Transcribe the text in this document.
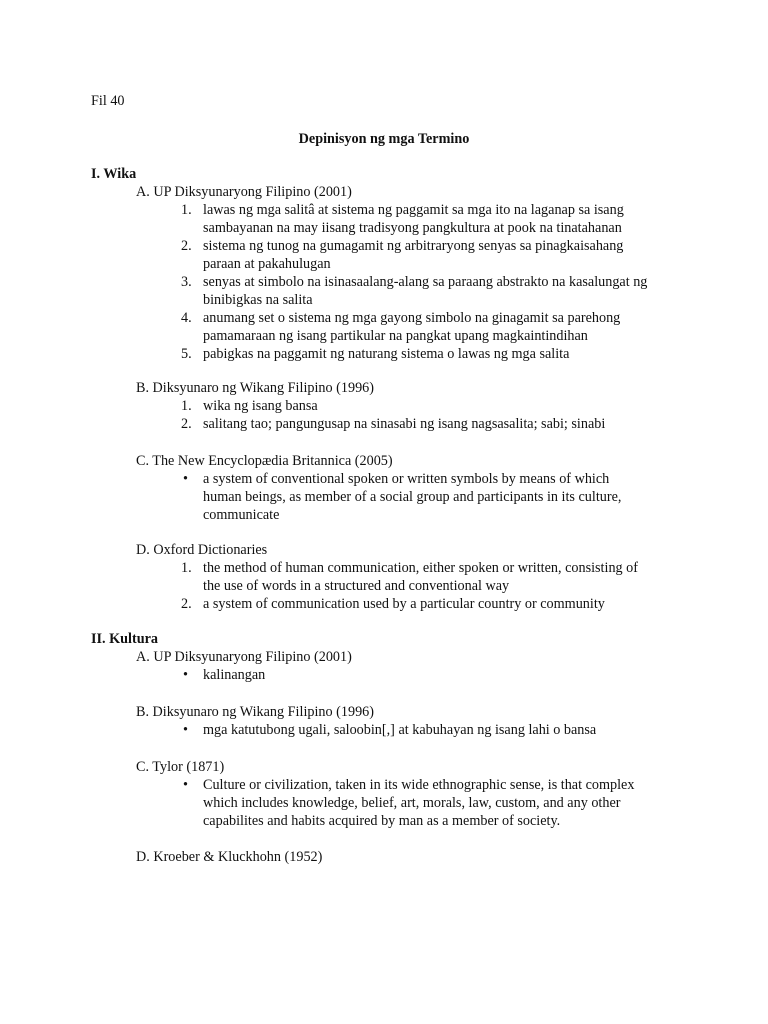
Fil 40
Depinisyon ng mga Termino
I. Wika
A. UP Diksyunaryong Filipino (2001)
1. lawas ng mga salitâ at sistema ng paggamit sa mga ito na laganap sa isang
sambayanan na may iisang tradisyong pangkultura at pook na tinatahanan
2. sistema ng tunog na gumagamit ng arbitraryong senyas sa pinagkaisahang
paraan at pakahulugan
3. senyas at simbolo na isinasaalang-alang sa paraang abstrakto na kasalungat ng
binibigkas na salita
4. anumang set o sistema ng mga gayong simbolo na ginagamit sa parehong
pamamaraan ng isang partikular na pangkat upang magkaintindihan
5. pabigkas na paggamit ng naturang sistema o lawas ng mga salita
B. Diksyunaro ng Wikang Filipino (1996)
1. wika ng isang bansa
2. salitang tao; pangungusap na sinasabi ng isang nagsasalita; sabi; sinabi
C. The New Encyclopædia Britannica (2005)
• a system of conventional spoken or written symbols by means of which
human beings, as member of a social group and participants in its culture,
communicate
D. Oxford Dictionaries
1. the method of human communication, either spoken or written, consisting of
the use of words in a structured and conventional way
2. a system of communication used by a particular country or community
II. Kultura
A. UP Diksyunaryong Filipino (2001)
• kalinangan
B. Diksyunaro ng Wikang Filipino (1996)
• mga katutubong ugali, saloobin[,] at kabuhayan ng isang lahi o bansa
C. Tylor (1871)
• Culture or civilization, taken in its wide ethnographic sense, is that complex
which includes knowledge, belief, art, morals, law, custom, and any other
capabilites and habits acquired by man as a member of society.
D. Kroeber & Kluckhohn (1952)
